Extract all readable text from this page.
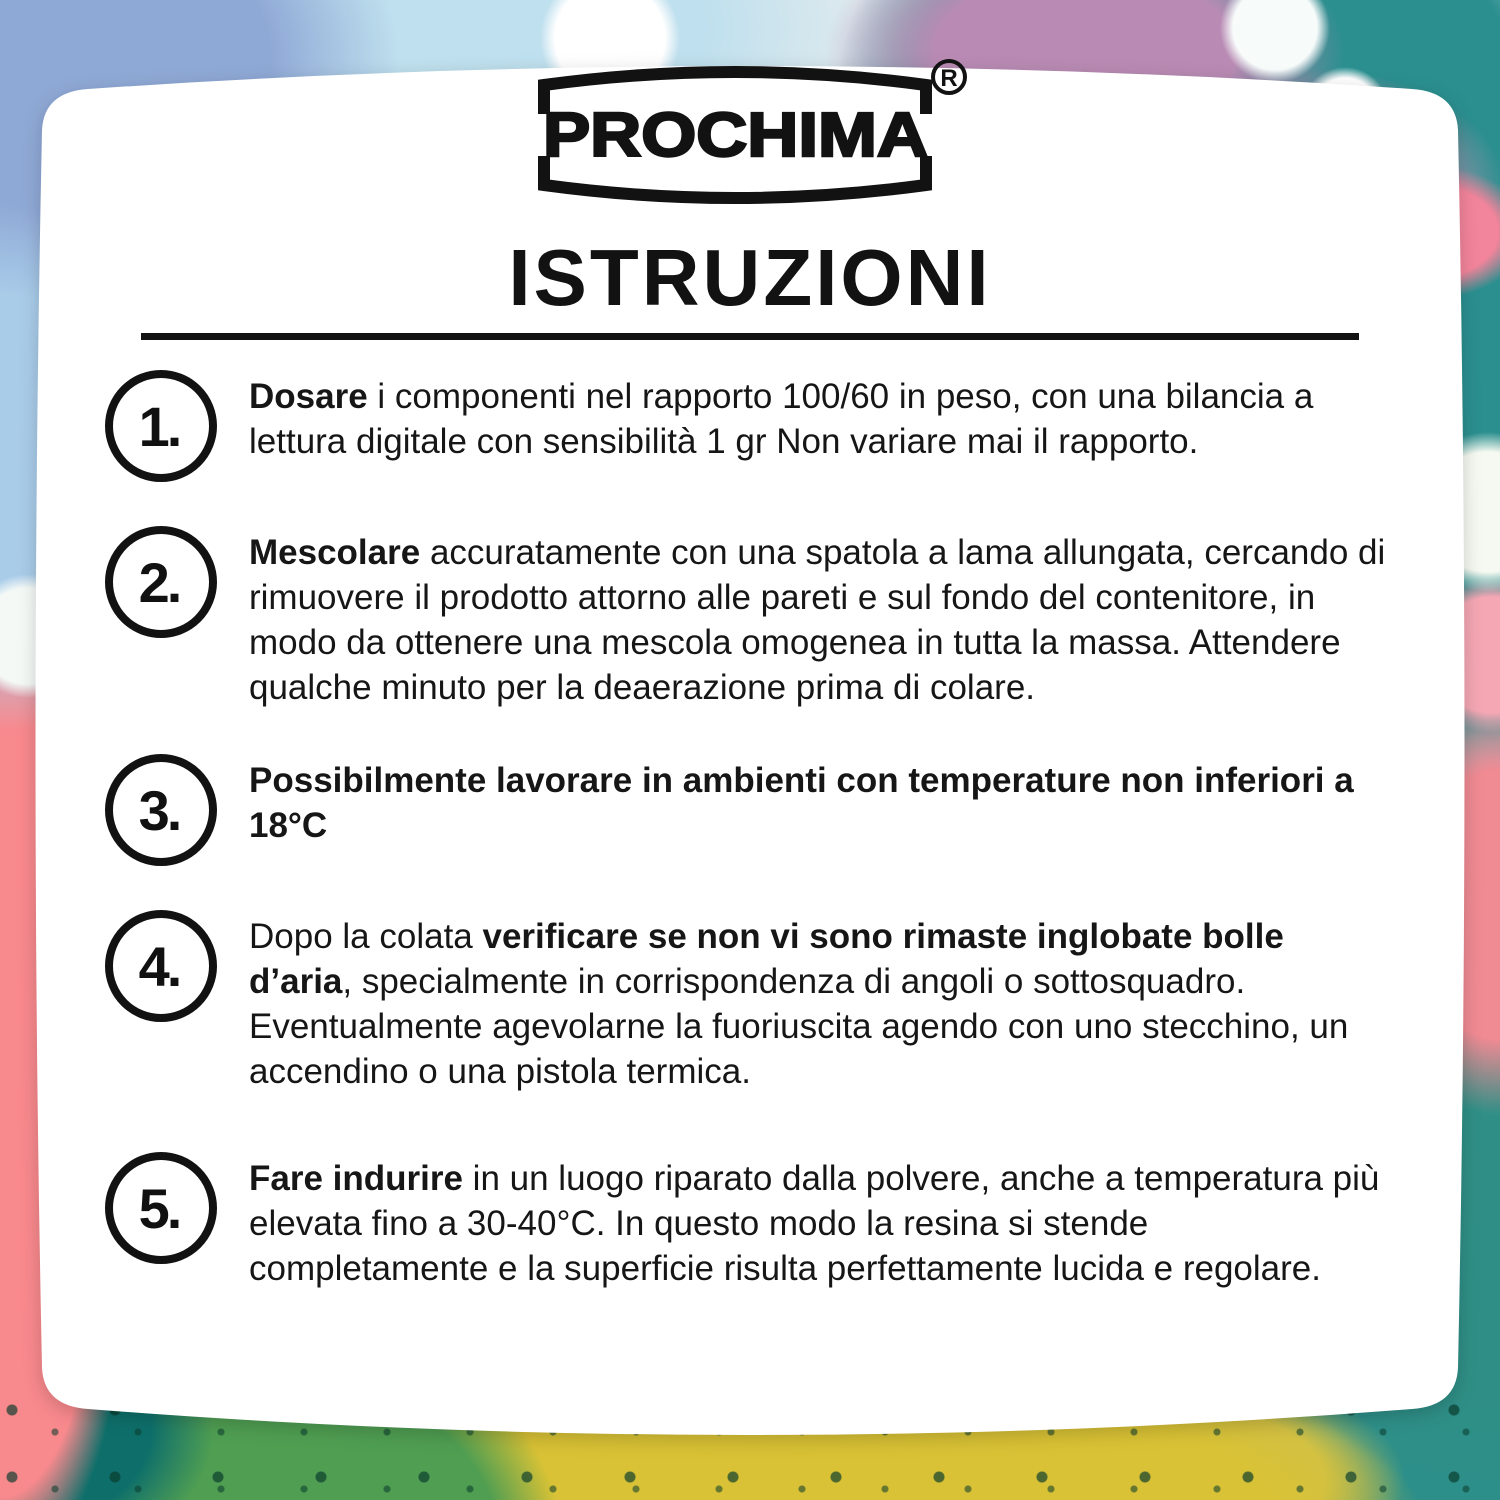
PROCHIMA
R
ISTRUZIONI
1. Dosare i componenti nel rapporto 100/60 in peso, con una bilancia a lettura digitale con sensibilità 1 gr Non variare mai il rapporto.

2. Mescolare accuratamente con una spatola a lama allungata, cercando di rimuovere il prodotto attorno alle pareti e sul fondo del contenitore, in modo da ottenere una mescola omogenea in tutta la massa. Attendere qualche minuto per la deaerazione prima di colare.

3. Possibilmente lavorare in ambienti con temperature non inferiori a 18°C

4. Dopo la colata verificare se non vi sono rimaste inglobate bolle d’aria, specialmente in corrispondenza di angoli o sottosquadro. Eventualmente agevolarne la fuoriuscita agendo con uno stecchino, un accendino o una pistola termica.

5. Fare indurire in un luogo riparato dalla polvere, anche a temperatura più elevata fino a 30-40°C. In questo modo la resina si stende completamente e la superficie risulta perfettamente lucida e regolare.
